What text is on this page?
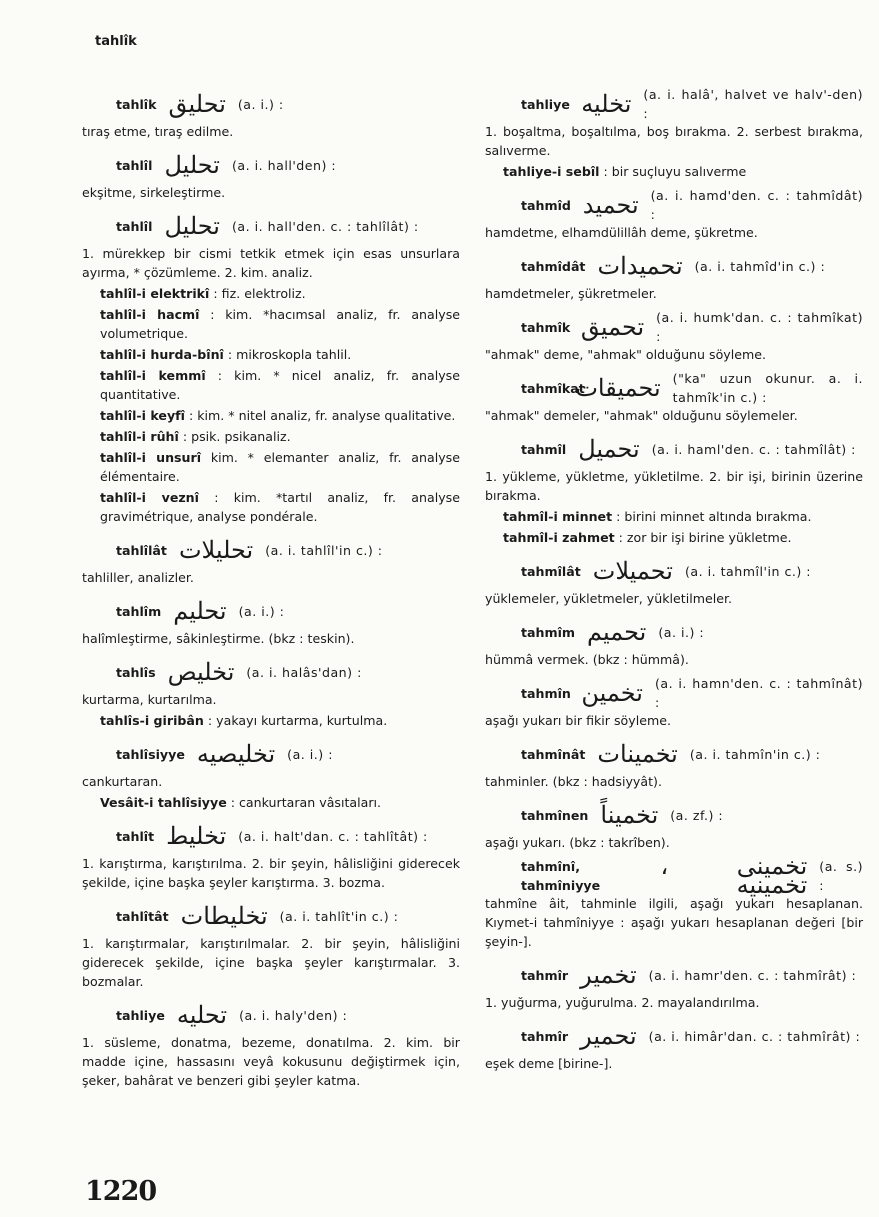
tahlîk
tahlîk تحليق (a. i.) :
tıraş etme, tıraş edilme.
tahlîl تحليل (a. i. hall'den) :
ekşitme, sirkeleştirme.
tahlîl تحليل (a. i. hall'den. c. : tahlîlât) :
1. mürekkep bir cismi tetkik etmek için esas unsurlara ayırma, * çözümleme. 2. kim. analiz.
tahlîl-i elektrikî : fiz. elektroliz.
tahlîl-i hacmî : kim. *hacımsal analiz, fr. analyse volumetrique.
tahlîl-i hurda-bînî : mikroskopla tahlil.
tahlîl-i kemmî : kim. * nicel analiz, fr. analyse quantitative.
tahlîl-i keyfî : kim. * nitel analiz, fr. analyse qualitative.
tahlîl-i rûhî : psik. psikanaliz.
tahlîl-i unsurî kim. * elemanter analiz, fr. analyse élémentaire.
tahlîl-i veznî : kim. *tartıl analiz, fr. analyse gravimétrique, analyse pondérale.
tahlîlât تحليلات (a. i. tahlîl'in c.) :
tahliller, analizler.
tahlîm تحليم (a. i.) :
halîmleştirme, sâkinleştirme. (bkz : teskin).
tahlîs تخليص (a. i. halâs'dan) :
kurtarma, kurtarılma.
tahlîs-i giribân : yakayı kurtarma, kurtulma.
tahlîsiyye تخليصيه (a. i.) :
cankurtaran.
Vesâit-i tahlîsiyye : cankurtaran vâsıtaları.
tahlît تخليط (a. i. halt'dan. c. : tahlîtât) :
1. karıştırma, karıştırılma. 2. bir şeyin, hâlisliğini giderecek şekilde, içine başka şeyler karıştırma. 3. bozma.
tahlîtât تخليطات (a. i. tahlît'in c.) :
1. karıştırmalar, karıştırılmalar. 2. bir şeyin, hâlisliğini giderecek şekilde, içine başka şeyler karıştırmalar. 3. bozmalar.
tahliye تحليه (a. i. haly'den) :
1. süsleme, donatma, bezeme, donatılma. 2. kim. bir madde içine, hassasını veyâ kokusunu değiştirmek için, şeker, bahârat ve benzeri gibi şeyler katma.
tahliye تخليه (a. i. halâ', halvet ve halv'-den) :
1. boşaltma, boşaltılma, boş bırakma. 2. serbest bırakma, salıverme.
tahliye-i sebîl : bir suçluyu salıverme
tahmîd تحميد (a. i. hamd'den. c. : tahmîdât) :
hamdetme, elhamdülillâh deme, şükretme.
tahmîdât تحميدات (a. i. tahmîd'in c.) :
hamdetmeler, şükretmeler.
tahmîk تحميق (a. i. humk'dan. c. : tahmîkat) :
"ahmak" deme, "ahmak" olduğunu söyleme.
tahmîkat
تحميقات ("ka" uzun okunur. a. i. tahmîk'in c.) :
"ahmak" demeler, "ahmak" olduğunu söylemeler.
tahmîl تحميل (a. i. haml'den. c. : tahmîlât) :
1. yükleme, yükletme, yükletilme. 2. bir işi, birinin üzerine bırakma.
tahmîl-i minnet : birini minnet altında bırakma.
tahmîl-i zahmet : zor bir işi birine yükletme.
tahmîlât تحميلات (a. i. tahmîl'in c.) :
yüklemeler, yükletmeler, yükletilmeler.
tahmîm تحميم (a. i.) :
hümmâ vermek. (bkz : hümmâ).
tahmîn تخمين (a. i. hamn'den. c. : tahmînât) :
aşağı yukarı bir fikir söyleme.
tahmînât تخمينات (a. i. tahmîn'in c.) :
tahminler. (bkz : hadsiyyât).
tahmînen تخميناً (a. zf.) :
aşağı yukarı. (bkz : takrîben).
tahmînî, tahmîniyye
تخمينى ، تخمينيه
(a. s.) :
tahmîne âit, tahminle ilgili, aşağı yukarı hesaplanan. Kıymet-i tahmîniyye : aşağı yukarı hesaplanan değeri [bir şeyin-].
tahmîr تخمير (a. i. hamr'den. c. : tahmîrât) :
1. yuğurma, yuğurulma. 2. mayalandırılma.
tahmîr تحمير (a. i. himâr'dan. c. : tahmîrât) :
eşek deme [birine-].
1220
